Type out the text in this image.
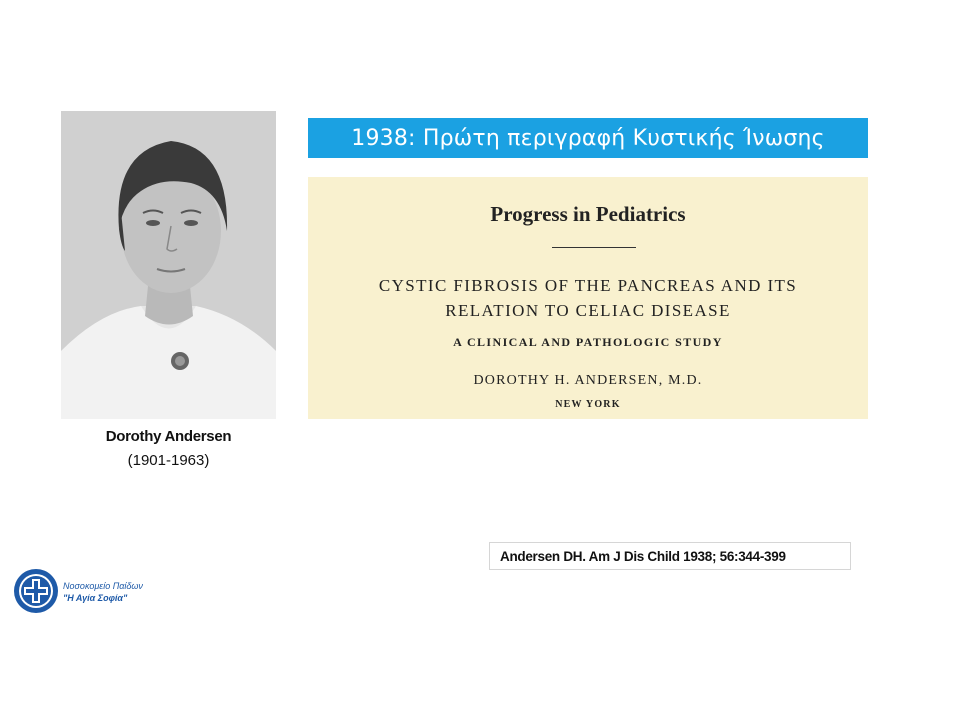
Dorothy Andersen
(1901-1963)
1938: Πρώτη περιγραφή Κυστικής Ίνωσης
Progress in Pediatrics
CYSTIC FIBROSIS OF THE PANCREAS AND ITS
RELATION TO CELIAC DISEASE
A CLINICAL AND PATHOLOGIC STUDY
DOROTHY H. ANDERSEN, M.D.
NEW YORK
Andersen DH. Am J Dis Child 1938; 56:344-399
Νοσοκομείο Παίδων
"Η Αγία Σοφία"
